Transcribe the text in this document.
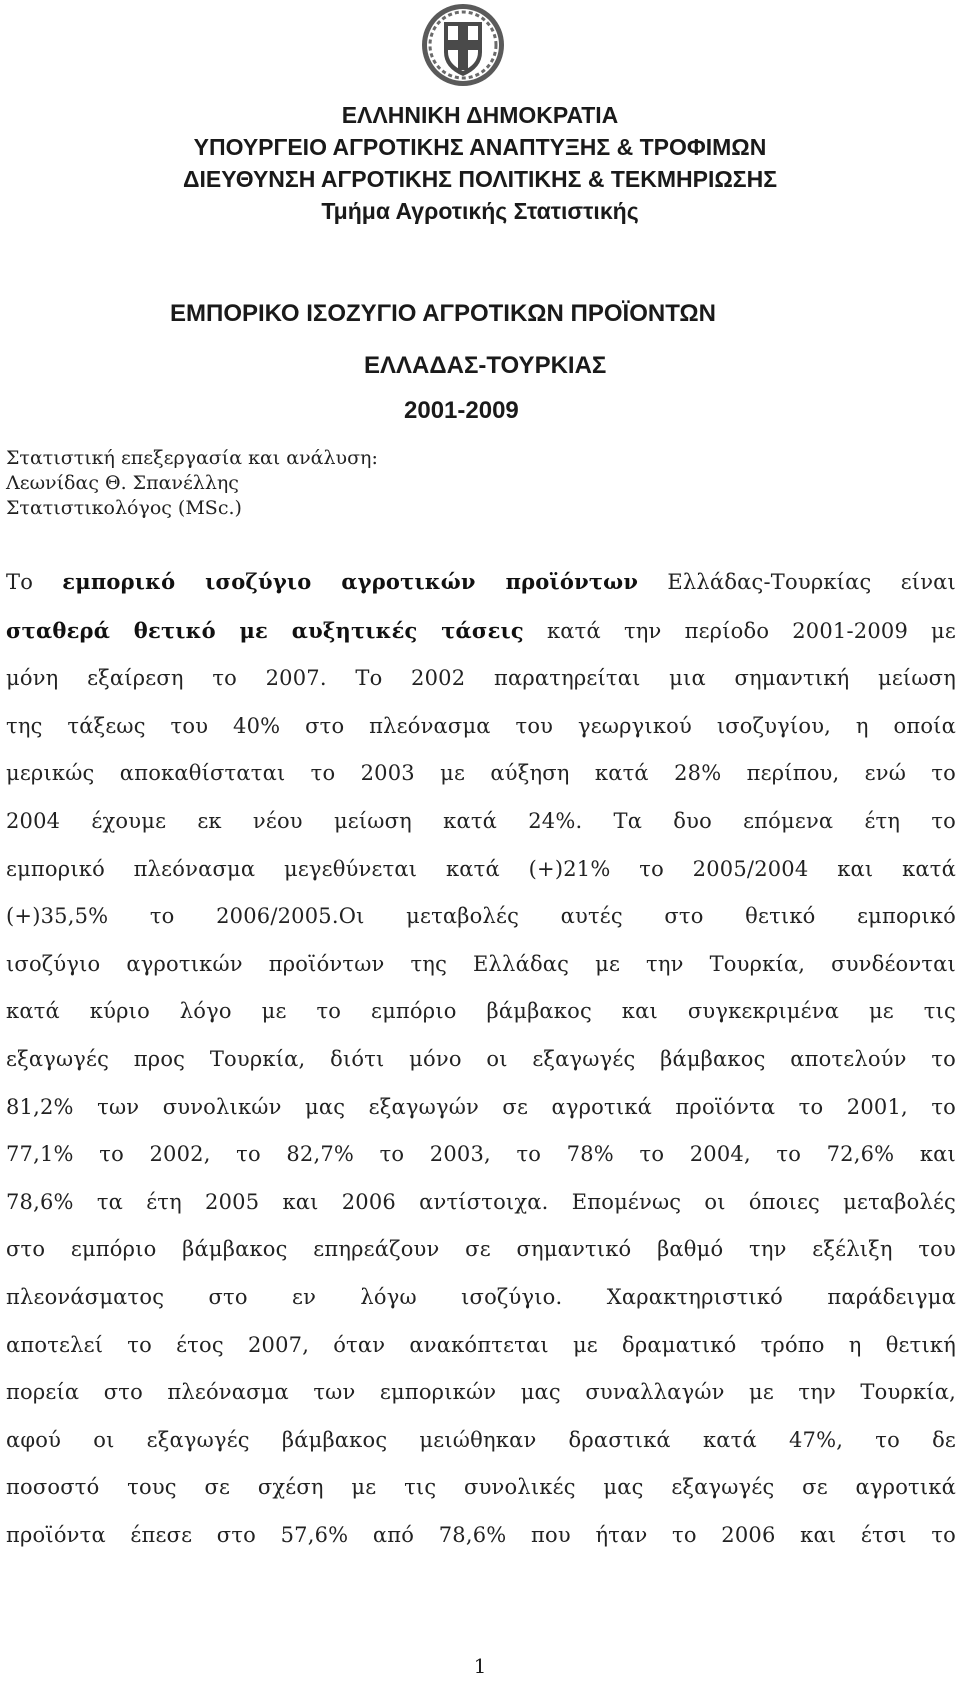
ΕΛΛΗΝΙΚΗ ΔΗΜΟΚΡΑΤΙΑ
ΥΠΟΥΡΓΕΙΟ ΑΓΡΟΤΙΚΗΣ ΑΝΑΠΤΥΞΗΣ & ΤΡΟΦΙΜΩΝ
ΔΙΕΥΘΥΝΣΗ ΑΓΡΟΤΙΚΗΣ ΠΟΛΙΤΙΚΗΣ & ΤΕΚΜΗΡΙΩΣΗΣ
Τμήμα Αγροτικής Στατιστικής
ΕΜΠΟΡΙΚΟ ΙΣΟΖΥΓΙΟ ΑΓΡΟΤΙΚΩΝ ΠΡΟΪΟΝΤΩΝ
ΕΛΛΑΔΑΣ-ΤΟΥΡΚΙΑΣ
2001-2009
Στατιστική επεξεργασία και ανάλυση:
Λεωνίδας Θ. Σπανέλλης
Στατιστικολόγος (MSc.)
Το εμπορικό ισοζύγιο αγροτικών προϊόντων Ελλάδας-Τουρκίας είναι
σταθερά θετικό με αυξητικές τάσεις κατά την περίοδο 2001-2009 με
μόνη εξαίρεση το 2007. Το 2002 παρατηρείται μια σημαντική μείωση
της τάξεως του 40% στο πλεόνασμα του γεωργικού ισοζυγίου, η οποία
μερικώς αποκαθίσταται το 2003 με αύξηση κατά 28% περίπου, ενώ το
2004 έχουμε εκ νέου μείωση κατά 24%. Τα δυο επόμενα έτη το
εμπορικό πλεόνασμα μεγεθύνεται κατά (+)21% το 2005/2004 και κατά
(+)35,5% το 2006/2005.Οι μεταβολές αυτές στο θετικό εμπορικό
ισοζύγιο αγροτικών προϊόντων της Ελλάδας με την Τουρκία, συνδέονται
κατά κύριο λόγο με το εμπόριο βάμβακος και συγκεκριμένα με τις
εξαγωγές προς Τουρκία, διότι μόνο οι εξαγωγές βάμβακος αποτελούν το
81,2% των συνολικών μας εξαγωγών σε αγροτικά προϊόντα το 2001, το
77,1% το 2002, το 82,7% το 2003, το 78% το 2004, το 72,6% και
78,6% τα έτη 2005 και 2006 αντίστοιχα. Επομένως οι όποιες μεταβολές
στο εμπόριο βάμβακος επηρεάζουν σε σημαντικό βαθμό την εξέλιξη του
πλεονάσματος στο εν λόγω ισοζύγιο. Χαρακτηριστικό παράδειγμα
αποτελεί το έτος 2007, όταν ανακόπτεται με δραματικό τρόπο η θετική
πορεία στο πλεόνασμα των εμπορικών μας συναλλαγών με την Τουρκία,
αφού οι εξαγωγές βάμβακος μειώθηκαν δραστικά κατά 47%, το δε
ποσοστό τους σε σχέση με τις συνολικές μας εξαγωγές σε αγροτικά
προϊόντα έπεσε στο 57,6% από 78,6% που ήταν το 2006 και έτσι το
1
